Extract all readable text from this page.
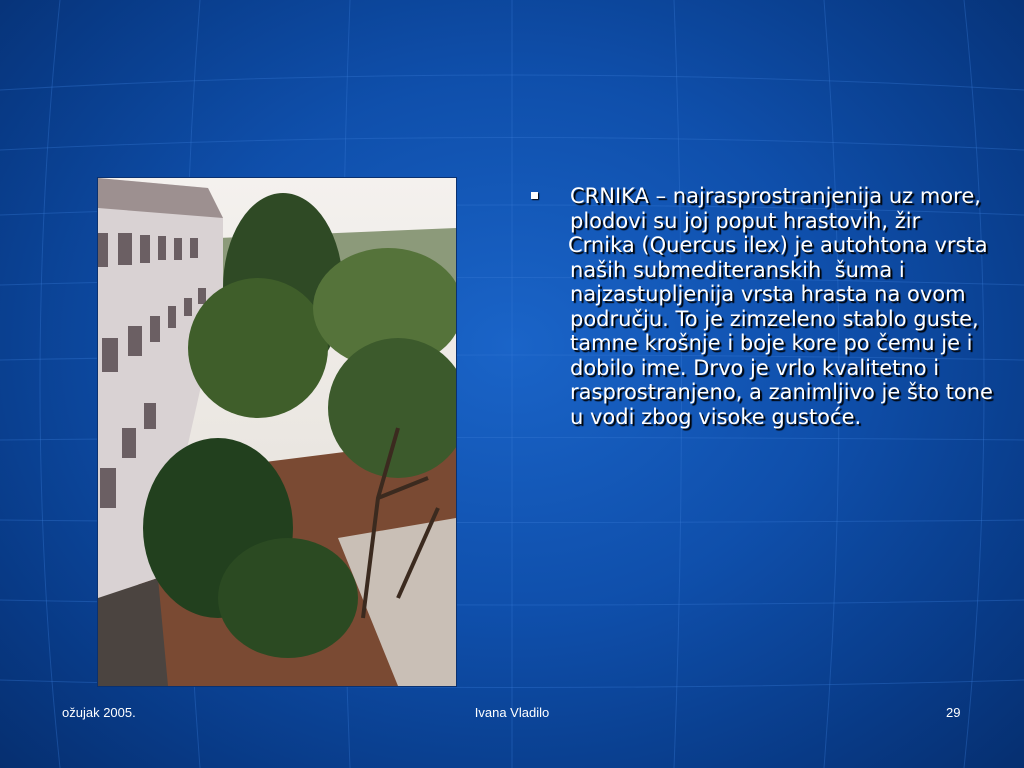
CRNIKA – najrasprostranjenija uz more, plodovi su joj poput hrastovih, žir
Crnika (Quercus ilex) je autohtona vrsta naših submediteranskih  šuma i najzastupljenija vrsta hrasta na ovom području. To je zimzeleno stablo guste, tamne krošnje i boje kore po čemu je i dobilo ime. Drvo je vrlo kvalitetno i rasprostranjeno, a zanimljivo je što tone u vodi zbog visoke gustoće.
ožujak 2005.	Ivana Vladilo	29
